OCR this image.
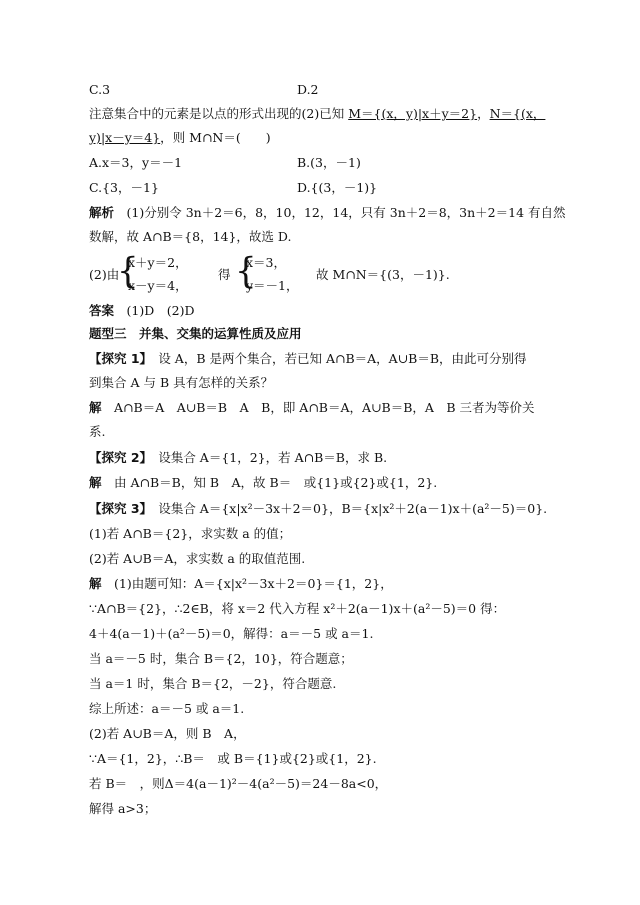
C.3	D.2
注意集合中的元素是以点的形式出现的(2)已知 M＝{(x，y)|x＋y＝2}，N＝{(x，
y)|x－y＝4}，则 M∩N＝(　　)
A.x＝3，y＝－1	B.(3，－1)
C.{3，－1}	D.{(3，－1)}
解析　(1)分别令 3n＋2＝6，8，10，12，14，只有 3n＋2＝8，3n＋2＝14 有自然
数解，故 A∩B＝{8，14}，故选 D.
答案　(1)D　(2)D
题型三　并集、交集的运算性质及应用
【探究 1】　设 A，B 是两个集合，若已知 A∩B＝A，A∪B＝B，由此可分别得
到集合 A 与 B 具有怎样的关系？
解　A∩B＝A　A∪B＝B　A　B，即 A∩B＝A，A∪B＝B，A　B 三者为等价关
系.
【探究 2】　设集合 A＝{1，2}，若 A∩B＝B，求 B.
解　由 A∩B＝B，知 B　A，故 B＝　或{1}或{2}或{1，2}.
【探究 3】　设集合 A＝{x|x²－3x＋2＝0}，B＝{x|x²＋2(a－1)x＋(a²－5)＝0}.
(1)若 A∩B＝{2}，求实数 a 的值；
(2)若 A∪B＝A，求实数 a 的取值范围.
解　(1)由题可知：A＝{x|x²－3x＋2＝0}＝{1，2}，
∵A∩B＝{2}，∴2∈B，将 x＝2 代入方程 x²＋2(a－1)x＋(a²－5)＝0 得：
4＋4(a－1)＋(a²－5)＝0，解得：a＝－5 或 a＝1.
当 a＝－5 时，集合 B＝{2，10}，符合题意；
当 a＝1 时，集合 B＝{2，－2}，符合题意.
综上所述：a＝－5 或 a＝1.
(2)若 A∪B＝A，则 B　A，
∵A＝{1，2}，∴B＝　或 B＝{1}或{2}或{1，2}.
若 B＝　，则Δ＝4(a－1)²－4(a²－5)＝24－8a<0，
解得 a>3；
(2)由
{
x＋y＝2，
x－y＝4，
得 {
x＝3，
y＝－1，
故 M∩N＝{(3，－1)}.
